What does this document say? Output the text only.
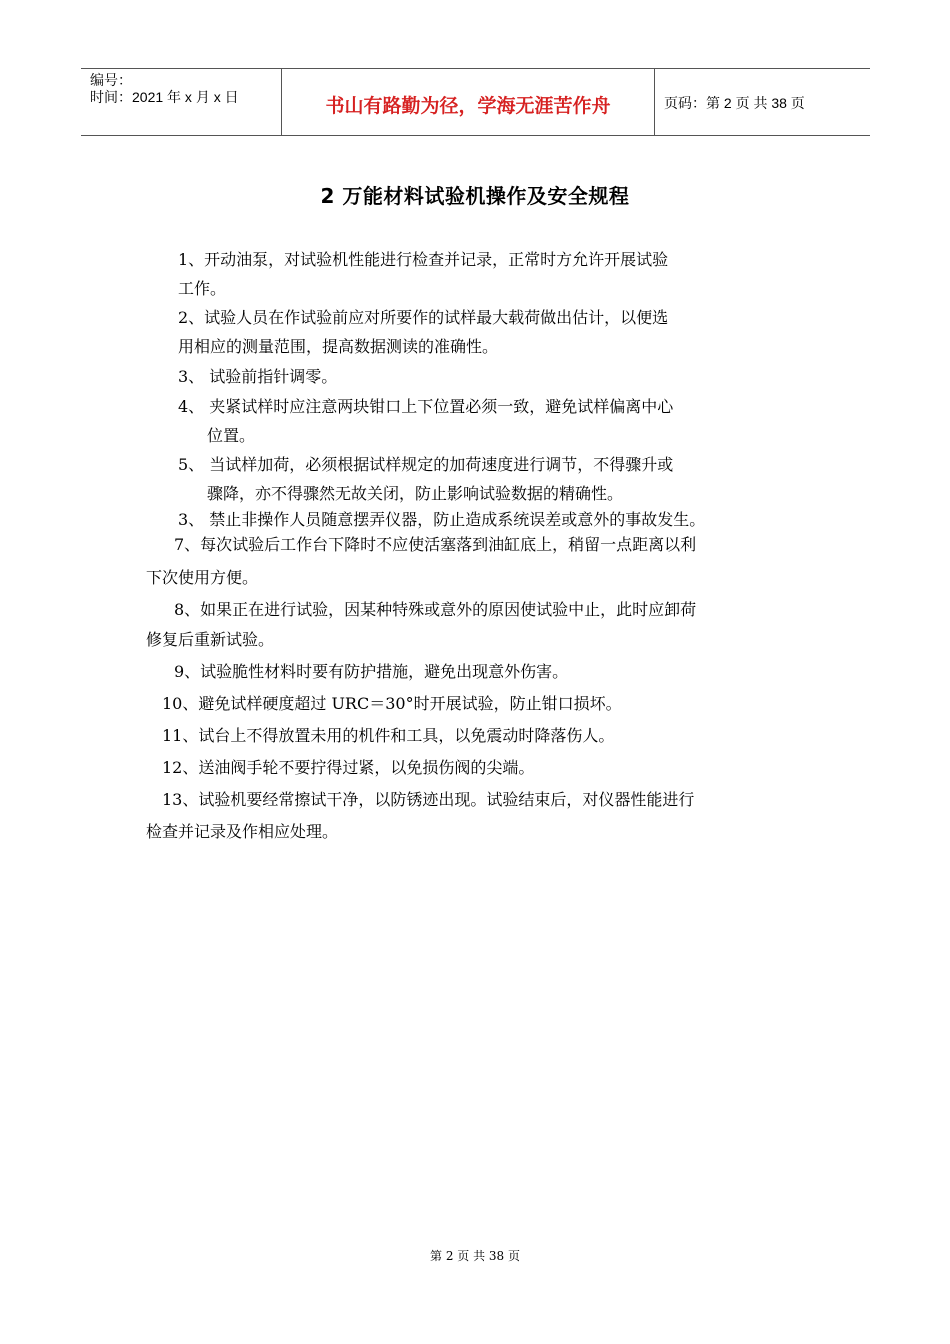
编号：
时间：2021 年 x 月 x 日	书山有路勤为径，学海无涯苦作舟	页码：第 2 页 共 38 页
2 万能材料试验机操作及安全规程
1、开动油泵，对试验机性能进行检查并记录，正常时方允许开展试验
工作。
2、试验人员在作试验前应对所要作的试样最大载荷做出估计，以便选
用相应的测量范围，提高数据测读的准确性。
3、 试验前指针调零。
4、 夹紧试样时应注意两块钳口上下位置必须一致，避免试样偏离中心
位置。
5、 当试样加荷，必须根据试样规定的加荷速度进行调节，不得骤升或
骤降，亦不得骤然无故关闭，防止影响试验数据的精确性。
3、 禁止非操作人员随意摆弄仪器，防止造成系统误差或意外的事故发生。
7、每次试验后工作台下降时不应使活塞落到油缸底上，稍留一点距离以利
下次使用方便。
8、如果正在进行试验，因某种特殊或意外的原因使试验中止，此时应卸荷
修复后重新试验。
9、试验脆性材料时要有防护措施，避免出现意外伤害。
10、避免试样硬度超过 URC＝30°时开展试验，防止钳口损坏。
11、试台上不得放置未用的机件和工具，以免震动时降落伤人。
12、送油阀手轮不要拧得过紧，以免损伤阀的尖端。
13、试验机要经常擦试干净，以防锈迹出现。试验结束后，对仪器性能进行
检查并记录及作相应处理。
第 2 页 共 38 页
